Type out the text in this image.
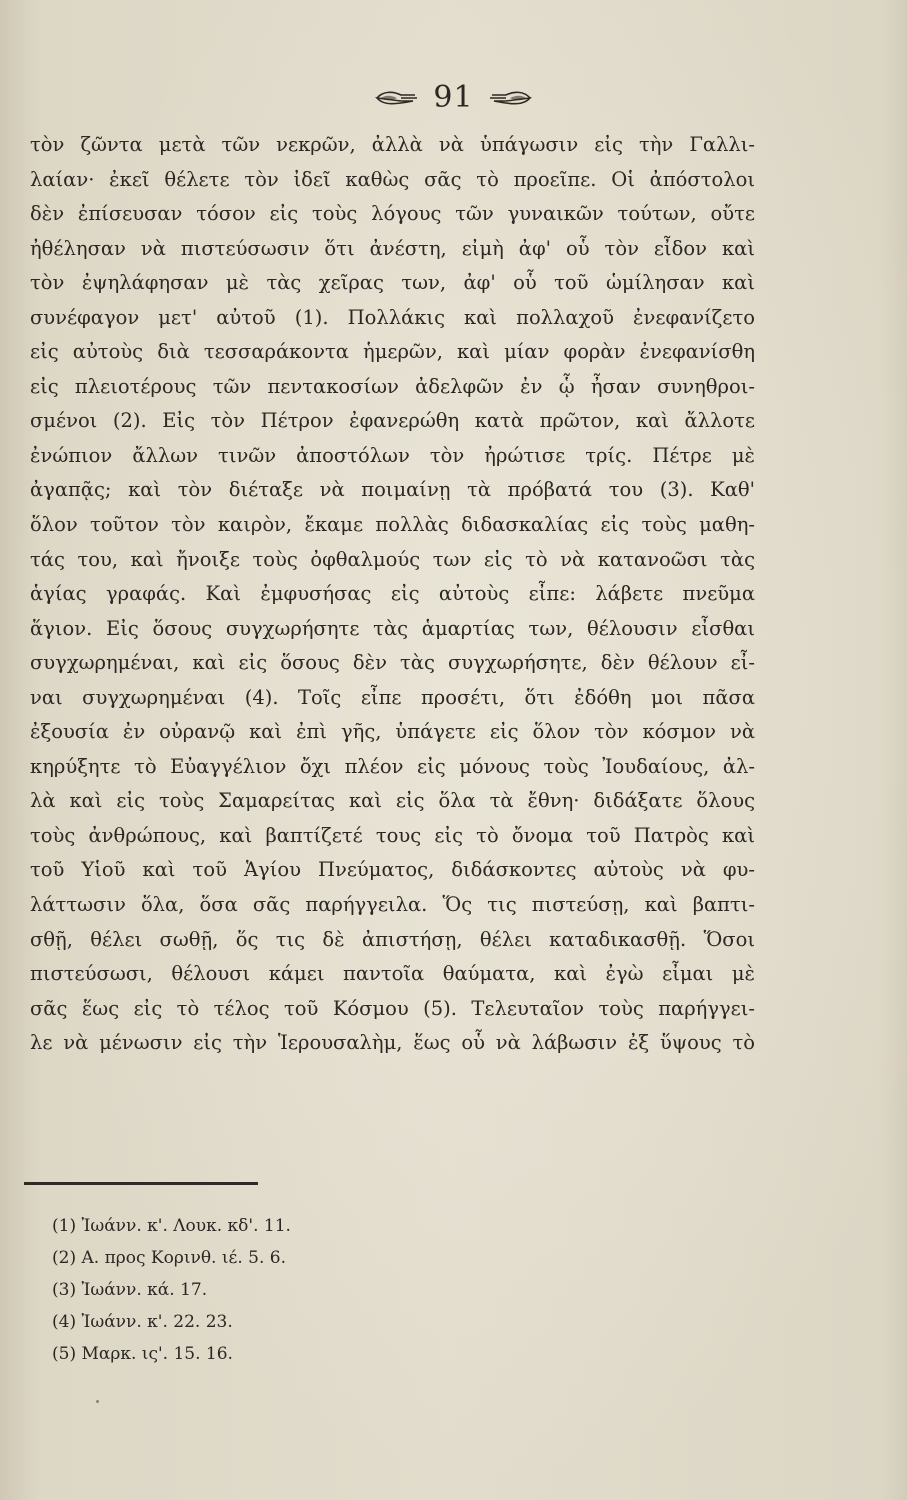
91
τὸν ζῶντα μετὰ τῶν νεκρῶν, ἀλλὰ νὰ ὑπάγωσιν εἰς τὴν Γαλλι-
λαίαν· ἐκεῖ θέλετε τὸν ἰδεῖ καθὼς σᾶς τὸ προεῖπε. Οἱ ἀπόστολοι
δὲν ἐπίσευσαν τόσον εἰς τοὺς λόγους τῶν γυναικῶν τούτων, οὔτε
ἠθέλησαν νὰ πιστεύσωσιν ὅτι ἀνέστη, εἰμὴ ἀφ' οὗ τὸν εἶδον καὶ
τὸν ἐψηλάφησαν μὲ τὰς χεῖρας των, ἀφ' οὗ τοῦ ὡμίλησαν καὶ
συνέφαγον μετ' αὐτοῦ (1). Πολλάκις καὶ πολλαχοῦ ἐνεφανίζετο
εἰς αὐτοὺς διὰ τεσσαράκοντα ἡμερῶν, καὶ μίαν φορὰν ἐνεφανίσθη
εἰς πλειοτέρους τῶν πεντακοσίων ἀδελφῶν ἐν ᾧ ἦσαν συνηθροι-
σμένοι (2). Εἰς τὸν Πέτρον ἐφανερώθη κατὰ πρῶτον, καὶ ἄλλοτε
ἐνώπιον ἄλλων τινῶν ἀποστόλων τὸν ἠρώτισε τρίς. Πέτρε μὲ
ἀγαπᾷς; καὶ τὸν διέταξε νὰ ποιμαίνῃ τὰ πρόβατά του (3). Καθ'
ὅλον τοῦτον τὸν καιρὸν, ἔκαμε πολλὰς διδασκαλίας εἰς τοὺς μαθη-
τάς του, καὶ ἤνοιξε τοὺς ὀφθαλμούς των εἰς τὸ νὰ κατανοῶσι τὰς
ἁγίας γραφάς. Καὶ ἐμφυσήσας εἰς αὐτοὺς εἶπε: λάβετε πνεῦμα
ἅγιον. Εἰς ὅσους συγχωρήσητε τὰς ἁμαρτίας των, θέλουσιν εἶσθαι
συγχωρημέναι, καὶ εἰς ὅσους δὲν τὰς συγχωρήσητε, δὲν θέλουν εἶ-
ναι συγχωρημέναι (4). Τοῖς εἶπε προσέτι, ὅτι ἐδόθη μοι πᾶσα
ἐξουσία ἐν οὐρανῷ καὶ ἐπὶ γῆς, ὑπάγετε εἰς ὅλον τὸν κόσμον νὰ
κηρύξητε τὸ Εὐαγγέλιον ὄχι πλέον εἰς μόνους τοὺς Ἰουδαίους, ἀλ-
λὰ καὶ εἰς τοὺς Σαμαρείτας καὶ εἰς ὅλα τὰ ἔθνη· διδάξατε ὅλους
τοὺς ἀνθρώπους, καὶ βαπτίζετέ τους εἰς τὸ ὄνομα τοῦ Πατρὸς καὶ
τοῦ Υἱοῦ καὶ τοῦ Ἁγίου Πνεύματος, διδάσκοντες αὐτοὺς νὰ φυ-
λάττωσιν ὅλα, ὅσα σᾶς παρήγγειλα. Ὅς τις πιστεύσῃ, καὶ βαπτι-
σθῇ, θέλει σωθῇ, ὅς τις δὲ ἀπιστήσῃ, θέλει καταδικασθῇ. Ὅσοι
πιστεύσωσι, θέλουσι κάμει παντοῖα θαύματα, καὶ ἐγὼ εἶμαι μὲ
σᾶς ἕως εἰς τὸ τέλος τοῦ Κόσμου (5). Τελευταῖον τοὺς παρήγγει-
λε νὰ μένωσιν εἰς τὴν Ἱερουσαλὴμ, ἕως οὗ νὰ λάβωσιν ἐξ ὕψους τὸ
(1) Ἰωάνν. κ'. Λουκ. κδ'. 11.
(2) Α. προς Κορινθ. ιέ. 5. 6.
(3) Ἰωάνν. κά. 17.
(4) Ἰωάνν. κ'. 22. 23.
(5) Μαρκ. ις'. 15. 16.
